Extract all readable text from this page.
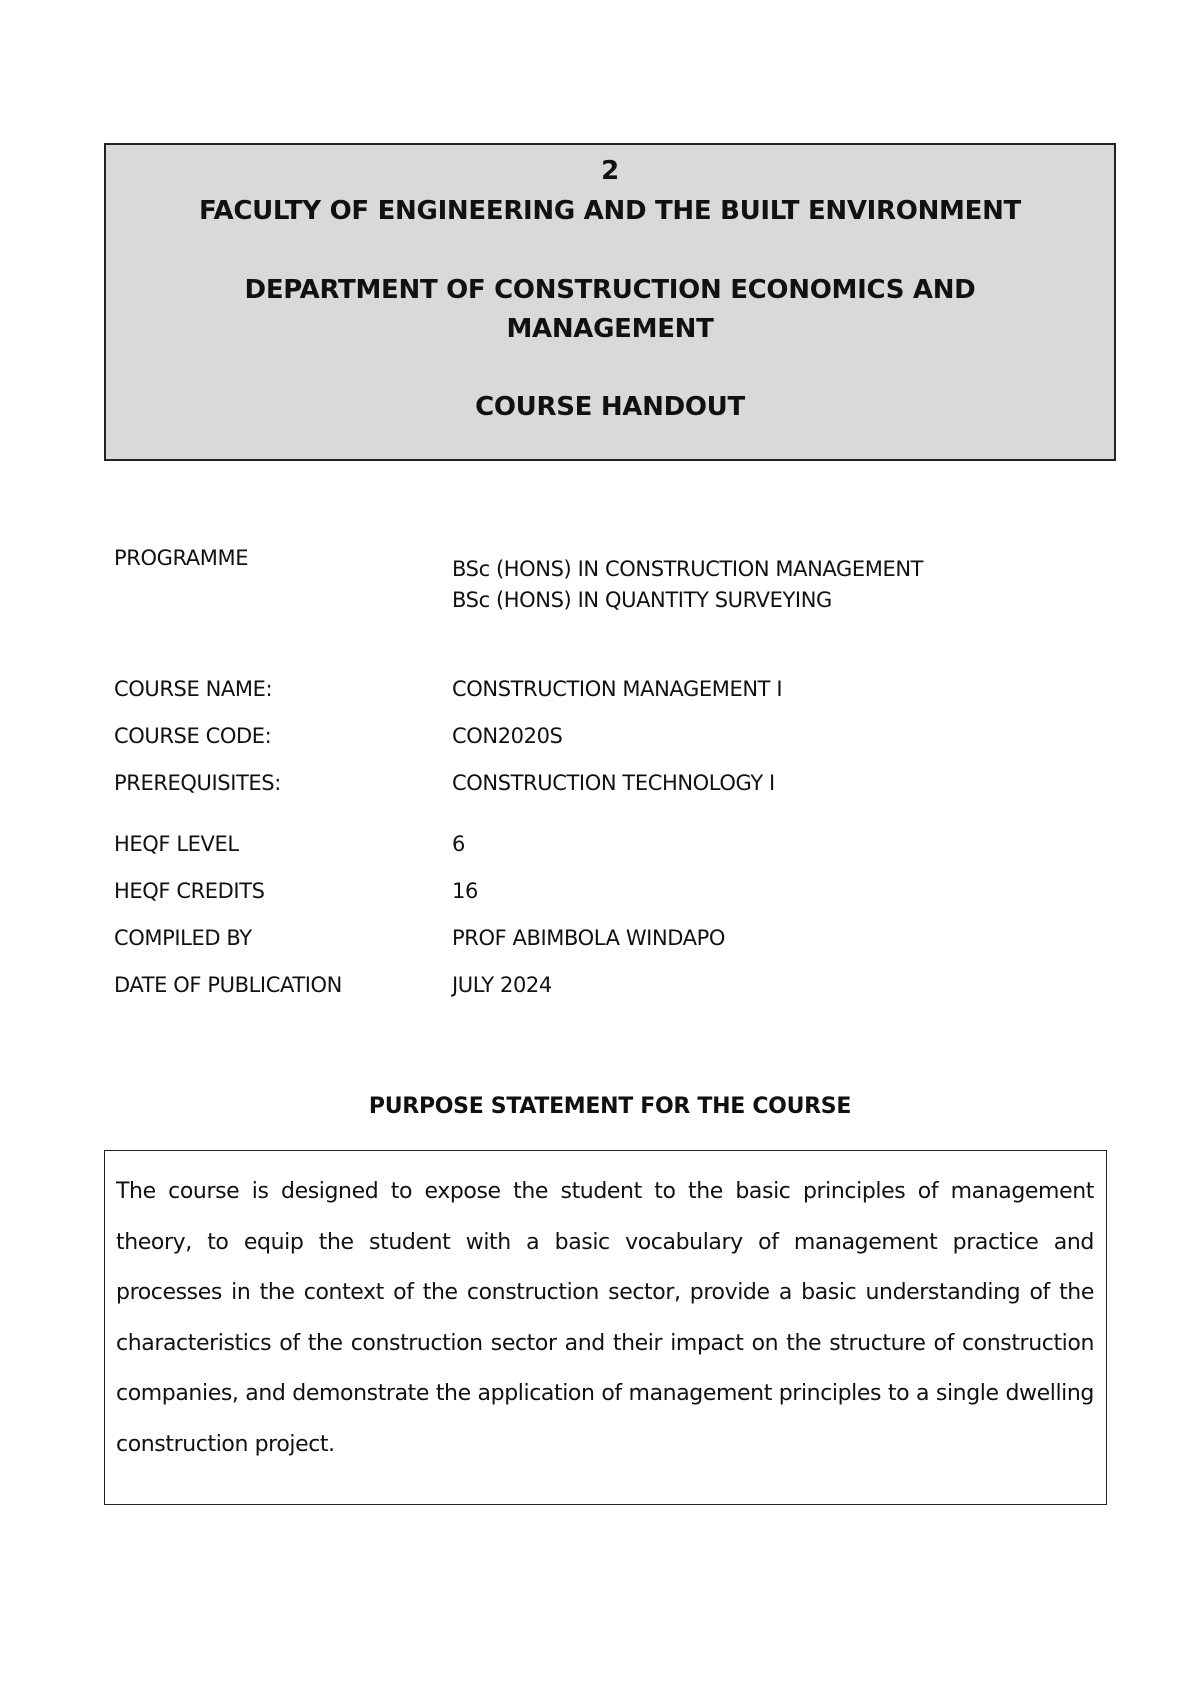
2
FACULTY OF ENGINEERING AND THE BUILT ENVIRONMENT
DEPARTMENT OF CONSTRUCTION ECONOMICS AND
MANAGEMENT
COURSE HANDOUT
PROGRAMME	BSc (HONS) IN CONSTRUCTION MANAGEMENT
BSc (HONS) IN QUANTITY SURVEYING
COURSE NAME:	CONSTRUCTION MANAGEMENT I
COURSE CODE:	CON2020S
PREREQUISITES:	CONSTRUCTION TECHNOLOGY I
HEQF LEVEL	6
HEQF CREDITS	16
COMPILED BY	PROF ABIMBOLA WINDAPO
DATE OF PUBLICATION	JULY 2024
PURPOSE STATEMENT FOR THE COURSE

The course is designed to expose the student to the basic principles of management theory, to equip the student with a basic vocabulary of management practice and processes in the context of the construction sector, provide a basic understanding of the characteristics of the construction sector and their impact on the structure of construction companies, and demonstrate the application of management principles to a single dwelling construction project.
